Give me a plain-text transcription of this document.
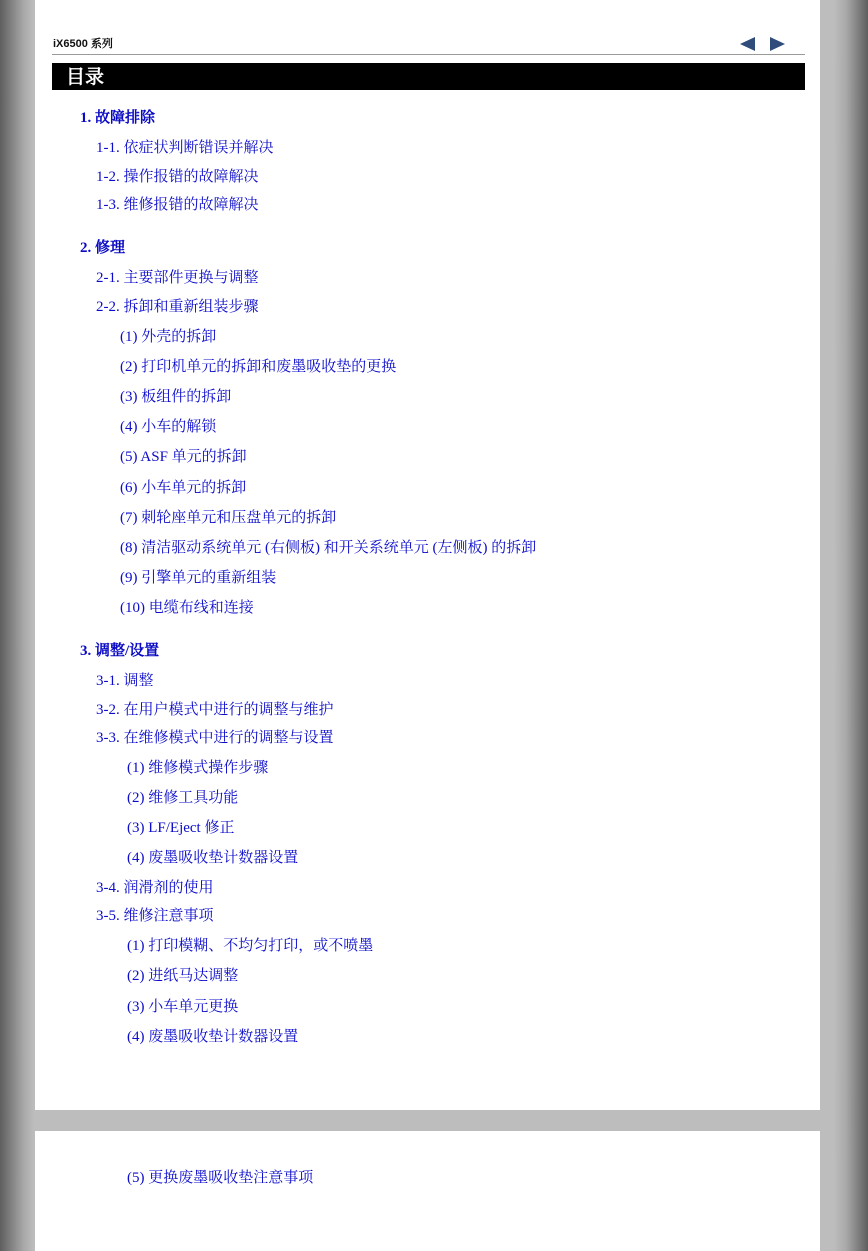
iX6500 系列
目录
1. 故障排除
1-1. 依症状判断错误并解决
1-2. 操作报错的故障解决
1-3. 维修报错的故障解决
2. 修理
2-1. 主要部件更换与调整
2-2. 拆卸和重新组装步骤
(1) 外壳的拆卸
(2) 打印机单元的拆卸和废墨吸收垫的更换
(3) 板组件的拆卸
(4) 小车的解锁
(5) ASF 单元的拆卸
(6) 小车单元的拆卸
(7) 刺轮座单元和压盘单元的拆卸
(8) 清洁驱动系统单元 (右侧板) 和开关系统单元 (左侧板) 的拆卸
(9) 引擎单元的重新组装
(10) 电缆布线和连接
3. 调整/设置
3-1. 调整
3-2. 在用户模式中进行的调整与维护
3-3. 在维修模式中进行的调整与设置
(1) 维修模式操作步骤
(2) 维修工具功能
(3) LF/Eject 修正
(4) 废墨吸收垫计数器设置
3-4. 润滑剂的使用
3-5. 维修注意事项
(1) 打印模糊、不均匀打印，或不喷墨
(2) 进纸马达调整
(3) 小车单元更换
(4) 废墨吸收垫计数器设置
(5) 更换废墨吸收垫注意事项
